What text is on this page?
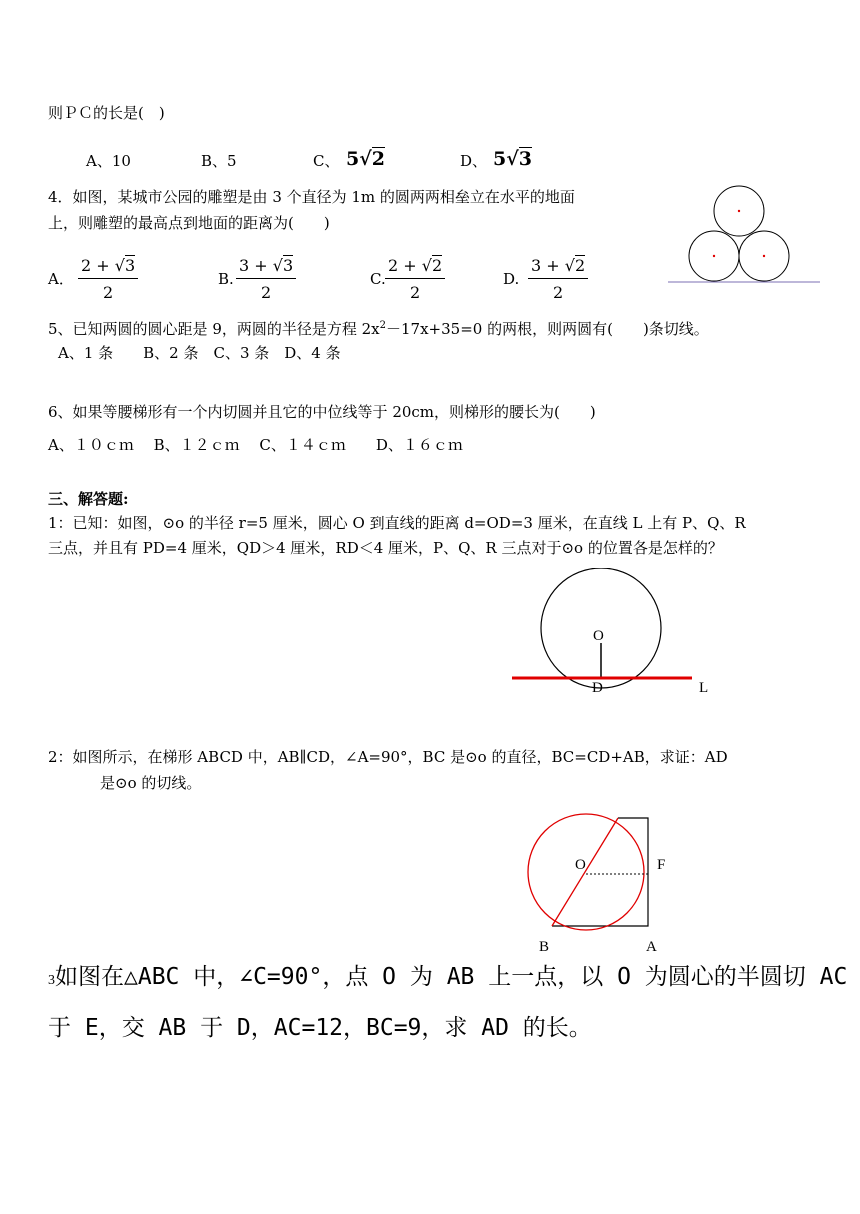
则ＰＣ的长是(　)
A、10	B、5	C、 5√2	D、 5√3
4．如图，某城市公园的雕塑是由 3 个直径为 1m 的圆两两相垒立在水平的地面
上，则雕塑的最高点到地面的距离为(　　)
A． $\frac{2 + √3}{2}$	B. $\frac{3 + √3}{2}$	C. $\frac{2 + √2}{2}$	D. $\frac{3 + √2}{2}$
5、已知两圆的圆心距是 9，两圆的半径是方程 $2x^2-17x+35=0$ 的两根，则两圆有(　　)条切线。
A、1 条　　B、2 条　C、3 条　D、4 条
6、如果等腰梯形有一个内切圆并且它的中位线等于 20cm，则梯形的腰长为(　　)
A、１０ｃｍ　 B、１２ｃｍ　 C、１４ｃｍ　　D、１６ｃｍ
三、解答题:
1：已知：如图，⊙o 的半径 r=5 厘米，圆心 O 到直线的距离 d=OD=3 厘米，在直线 L 上有 P、Q、R
三点，并且有 PD=4 厘米，QD＞4 厘米，RD＜4 厘米，P、Q、R 三点对于⊙o 的位置各是怎样的？
O
D	L
2：如图所示，在梯形 ABCD 中，AB∥CD，∠A=90°，BC 是⊙o 的直径，BC=CD+AB，求证：AD
是⊙o 的切线。
O	F
B	A
3如图在△ABC 中，∠C=90°，点 O 为 AB 上一点，以 O 为圆心的半圆切 AC
于 E，交 AB 于 D，AC=12，BC=9，求 AD 的长。
